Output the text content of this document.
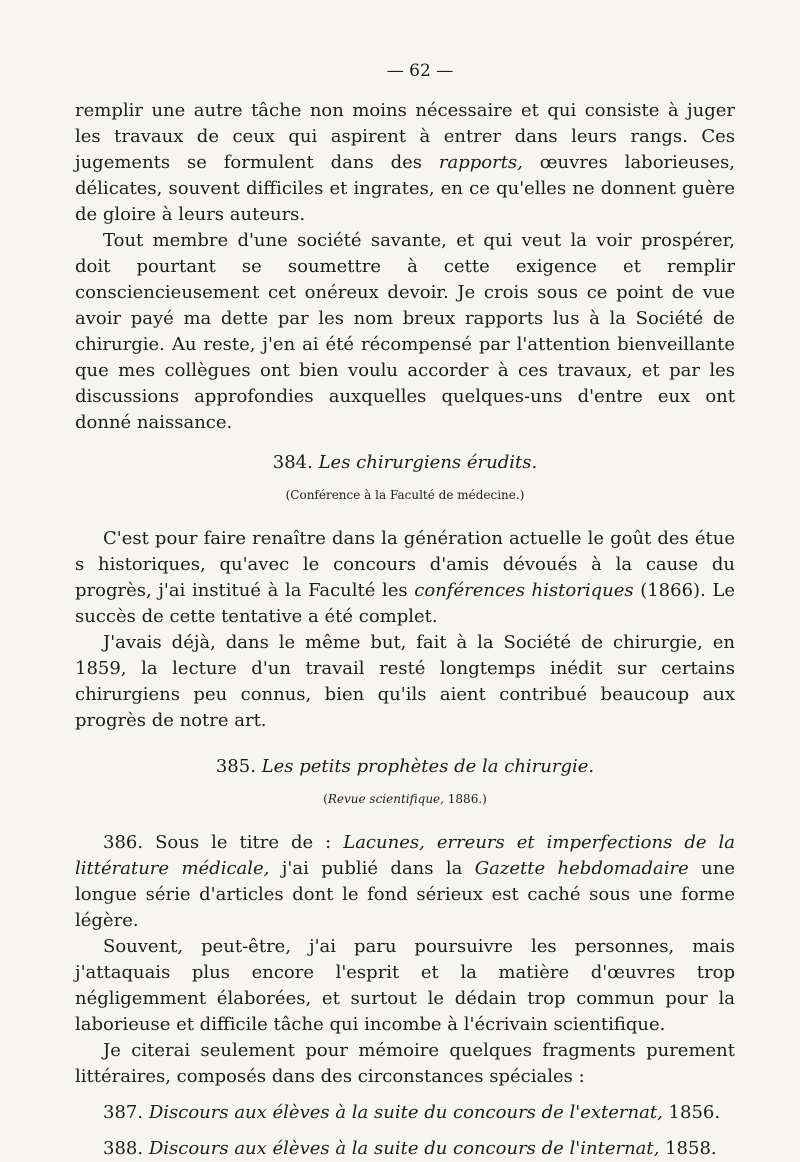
— 62 —

remplir une autre tâche non moins nécessaire et qui consiste à juger les travaux de ceux qui aspirent à entrer dans leurs rangs. Ces jugements se formulent dans des rapports, œuvres laborieuses, délicates, souvent difficiles et ingrates, en ce qu'elles ne donnent guère de gloire à leurs auteurs.

Tout membre d'une société savante, et qui veut la voir prospérer, doit pourtant se soumettre à cette exigence et remplir consciencieusement cet onéreux devoir. Je crois sous ce point de vue avoir payé ma dette par les nom breux rapports lus à la Société de chirurgie. Au reste, j'en ai été récompensé par l'attention bienveillante que mes collègues ont bien voulu accorder à ces travaux, et par les discussions approfondies auxquelles quelques-uns d'entre eux ont donné naissance.

384. Les chirurgiens érudits.
(Conférence à la Faculté de médecine.)

C'est pour faire renaître dans la génération actuelle le goût des étue s historiques, qu'avec le concours d'amis dévoués à la cause du progrès, j'ai institué à la Faculté les conférences historiques (1866). Le succès de cette tentative a été complet.

J'avais déjà, dans le même but, fait à la Société de chirurgie, en 1859, la lecture d'un travail resté longtemps inédit sur certains chirurgiens peu connus, bien qu'ils aient contribué beaucoup aux progrès de notre art.

385. Les petits prophètes de la chirurgie.
(Revue scientifique, 1886.)

386. Sous le titre de : Lacunes, erreurs et imperfections de la littérature médicale, j'ai publié dans la Gazette hebdomadaire une longue série d'articles dont le fond sérieux est caché sous une forme légère.

Souvent, peut-être, j'ai paru poursuivre les personnes, mais j'attaquais plus encore l'esprit et la matière d'œuvres trop négligemment élaborées, et surtout le dédain trop commun pour la laborieuse et difficile tâche qui incombe à l'écrivain scientifique.

Je citerai seulement pour mémoire quelques fragments purement littéraires, composés dans des circonstances spéciales :

387. Discours aux élèves à la suite du concours de l'externat, 1856.

388. Discours aux élèves à la suite du concours de l'internat, 1858.
